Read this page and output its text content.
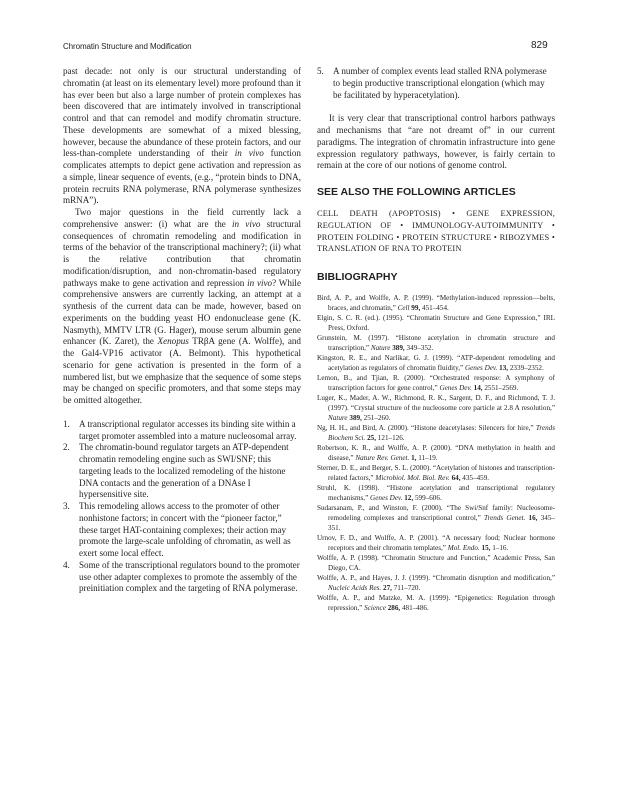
Chromatin Structure and Modification	829

past decade: not only is our structural understanding of chromatin (at least on its elementary level) more profound than it has ever been but also a large number of protein complexes has been discovered that are intimately involved in transcriptional control and that can remodel and modify chromatin structure. These developments are somewhat of a mixed blessing, however, because the abundance of these protein factors, and our less-than-complete understanding of their in vivo function complicates attempts to depict gene activation and repression as a simple, linear sequence of events, (e.g., “protein binds to DNA, protein recruits RNA polymerase, RNA polymerase synthesizes mRNA”).

Two major questions in the field currently lack a comprehensive answer: (i) what are the in vivo structural consequences of chromatin remodeling and modification in terms of the behavior of the transcriptional machinery?; (ii) what is the relative contribution that chromatin modification/disruption, and non-chromatin-based regulatory pathways make to gene activation and repression in vivo? While comprehensive answers are currently lacking, an attempt at a synthesis of the current data can be made, however, based on experiments on the budding yeast HO endonuclease gene (K. Nasmyth), MMTV LTR (G. Hager), mouse serum albumin gene enhancer (K. Zaret), the Xenopus TRβA gene (A. Wolffe), and the Gal4-VP16 activator (A. Belmont). This hypothetical scenario for gene activation is presented in the form of a numbered list, but we emphasize that the sequence of some steps may be changed on specific promoters, and that some steps may be omitted altogether.

1. A transcriptional regulator accesses its binding site within a target promoter assembled into a mature nucleosomal array.
2. The chromatin-bound regulator targets an ATP-dependent chromatin remodeling engine such as SWI/SNF; this targeting leads to the localized remodeling of the histone DNA contacts and the generation of a DNAse I hypersensitive site.
3. This remodeling allows access to the promoter of other nonhistone factors; in concert with the “pioneer factor,” these target HAT-containing complexes; their action may promote the large-scale unfolding of chromatin, as well as exert some local effect.
4. Some of the transcriptional regulators bound to the promoter use other adapter complexes to promote the assembly of the preinitiation complex and the targeting of RNA polymerase.
5. A number of complex events lead stalled RNA polymerase to begin productive transcriptional elongation (which may be facilitated by hyperacetylation).

It is very clear that transcriptional control harbors pathways and mechanisms that “are not dreamt of” in our current paradigms. The integration of chromatin infrastructure into gene expression regulatory pathways, however, is fairly certain to remain at the core of our notions of genome control.

SEE ALSO THE FOLLOWING ARTICLES

CELL DEATH (APOPTOSIS) • GENE EXPRESSION, REGULATION OF • IMMUNOLOGY-AUTOIMMUNITY • PROTEIN FOLDING • PROTEIN STRUCTURE • RIBOZYMES • TRANSLATION OF RNA TO PROTEIN

BIBLIOGRAPHY
Bird, A. P., and Wolffe, A. P. (1999). “Methylation-induced repression—belts, braces, and chromatin,” Cell 99, 451–454.
Elgin, S. C. R. (ed.). (1995). “Chromatin Structure and Gene Expression,” IRL Press, Oxford.
Grunstein, M. (1997). “Histone acetylation in chromatin structure and transcription,” Nature 389, 349–352.
Kingston, R. E., and Narlikar, G. J. (1999). “ATP-dependent remodeling and acetylation as regulators of chromatin fluidity,” Genes Dev. 13, 2339–2352.
Lemon, B., and Tjian, R. (2000). “Orchestrated response: A symphony of transcription factors for gene control,” Genes Dev. 14, 2551–2569.
Luger, K., Mader, A. W., Richmond, R. K., Sargent, D. F., and Richmond, T. J. (1997). “Crystal structure of the nucleosome core particle at 2.8 A resolution,” Nature 389, 251–260.
Ng, H. H., and Bird, A. (2000). “Histone deacetylases: Silencers for hire,” Trends Biochem Sci. 25, 121–126.
Robertson, K. R., and Wolffe, A. P. (2000). “DNA methylation in health and disease,” Nature Rev. Genet. 1, 11–19.
Sterner, D. E., and Berger, S. L. (2000). “Acetylation of histones and transcription-related factors,” Microbiol. Mol. Biol. Rev. 64, 435–459.
Struhl, K. (1998). “Histone acetylation and transcriptional regulatory mechanisms,” Genes Dev. 12, 599–606.
Sudarsanam, P., and Winston, F. (2000). “The Swi/Snf family: Nucleosome-remodeling complexes and transcriptional control,” Trends Genet. 16, 345–351.
Urnov, F. D., and Wolffe, A. P. (2001). “A necessary food; Nuclear hormone receptors and their chromatin templates,” Mol. Endo. 15, 1–16.
Wolffe, A. P. (1998). “Chromatin Structure and Function,” Academic Press, San Diego, CA.
Wolffe, A. P., and Hayes, J. J. (1999). “Chromatin disruption and modification,” Nucleic Acids Res. 27, 711–720.
Wolffe, A. P., and Matzke, M. A. (1999). “Epigenetics: Regulation through repression,” Science 286, 481–486.
